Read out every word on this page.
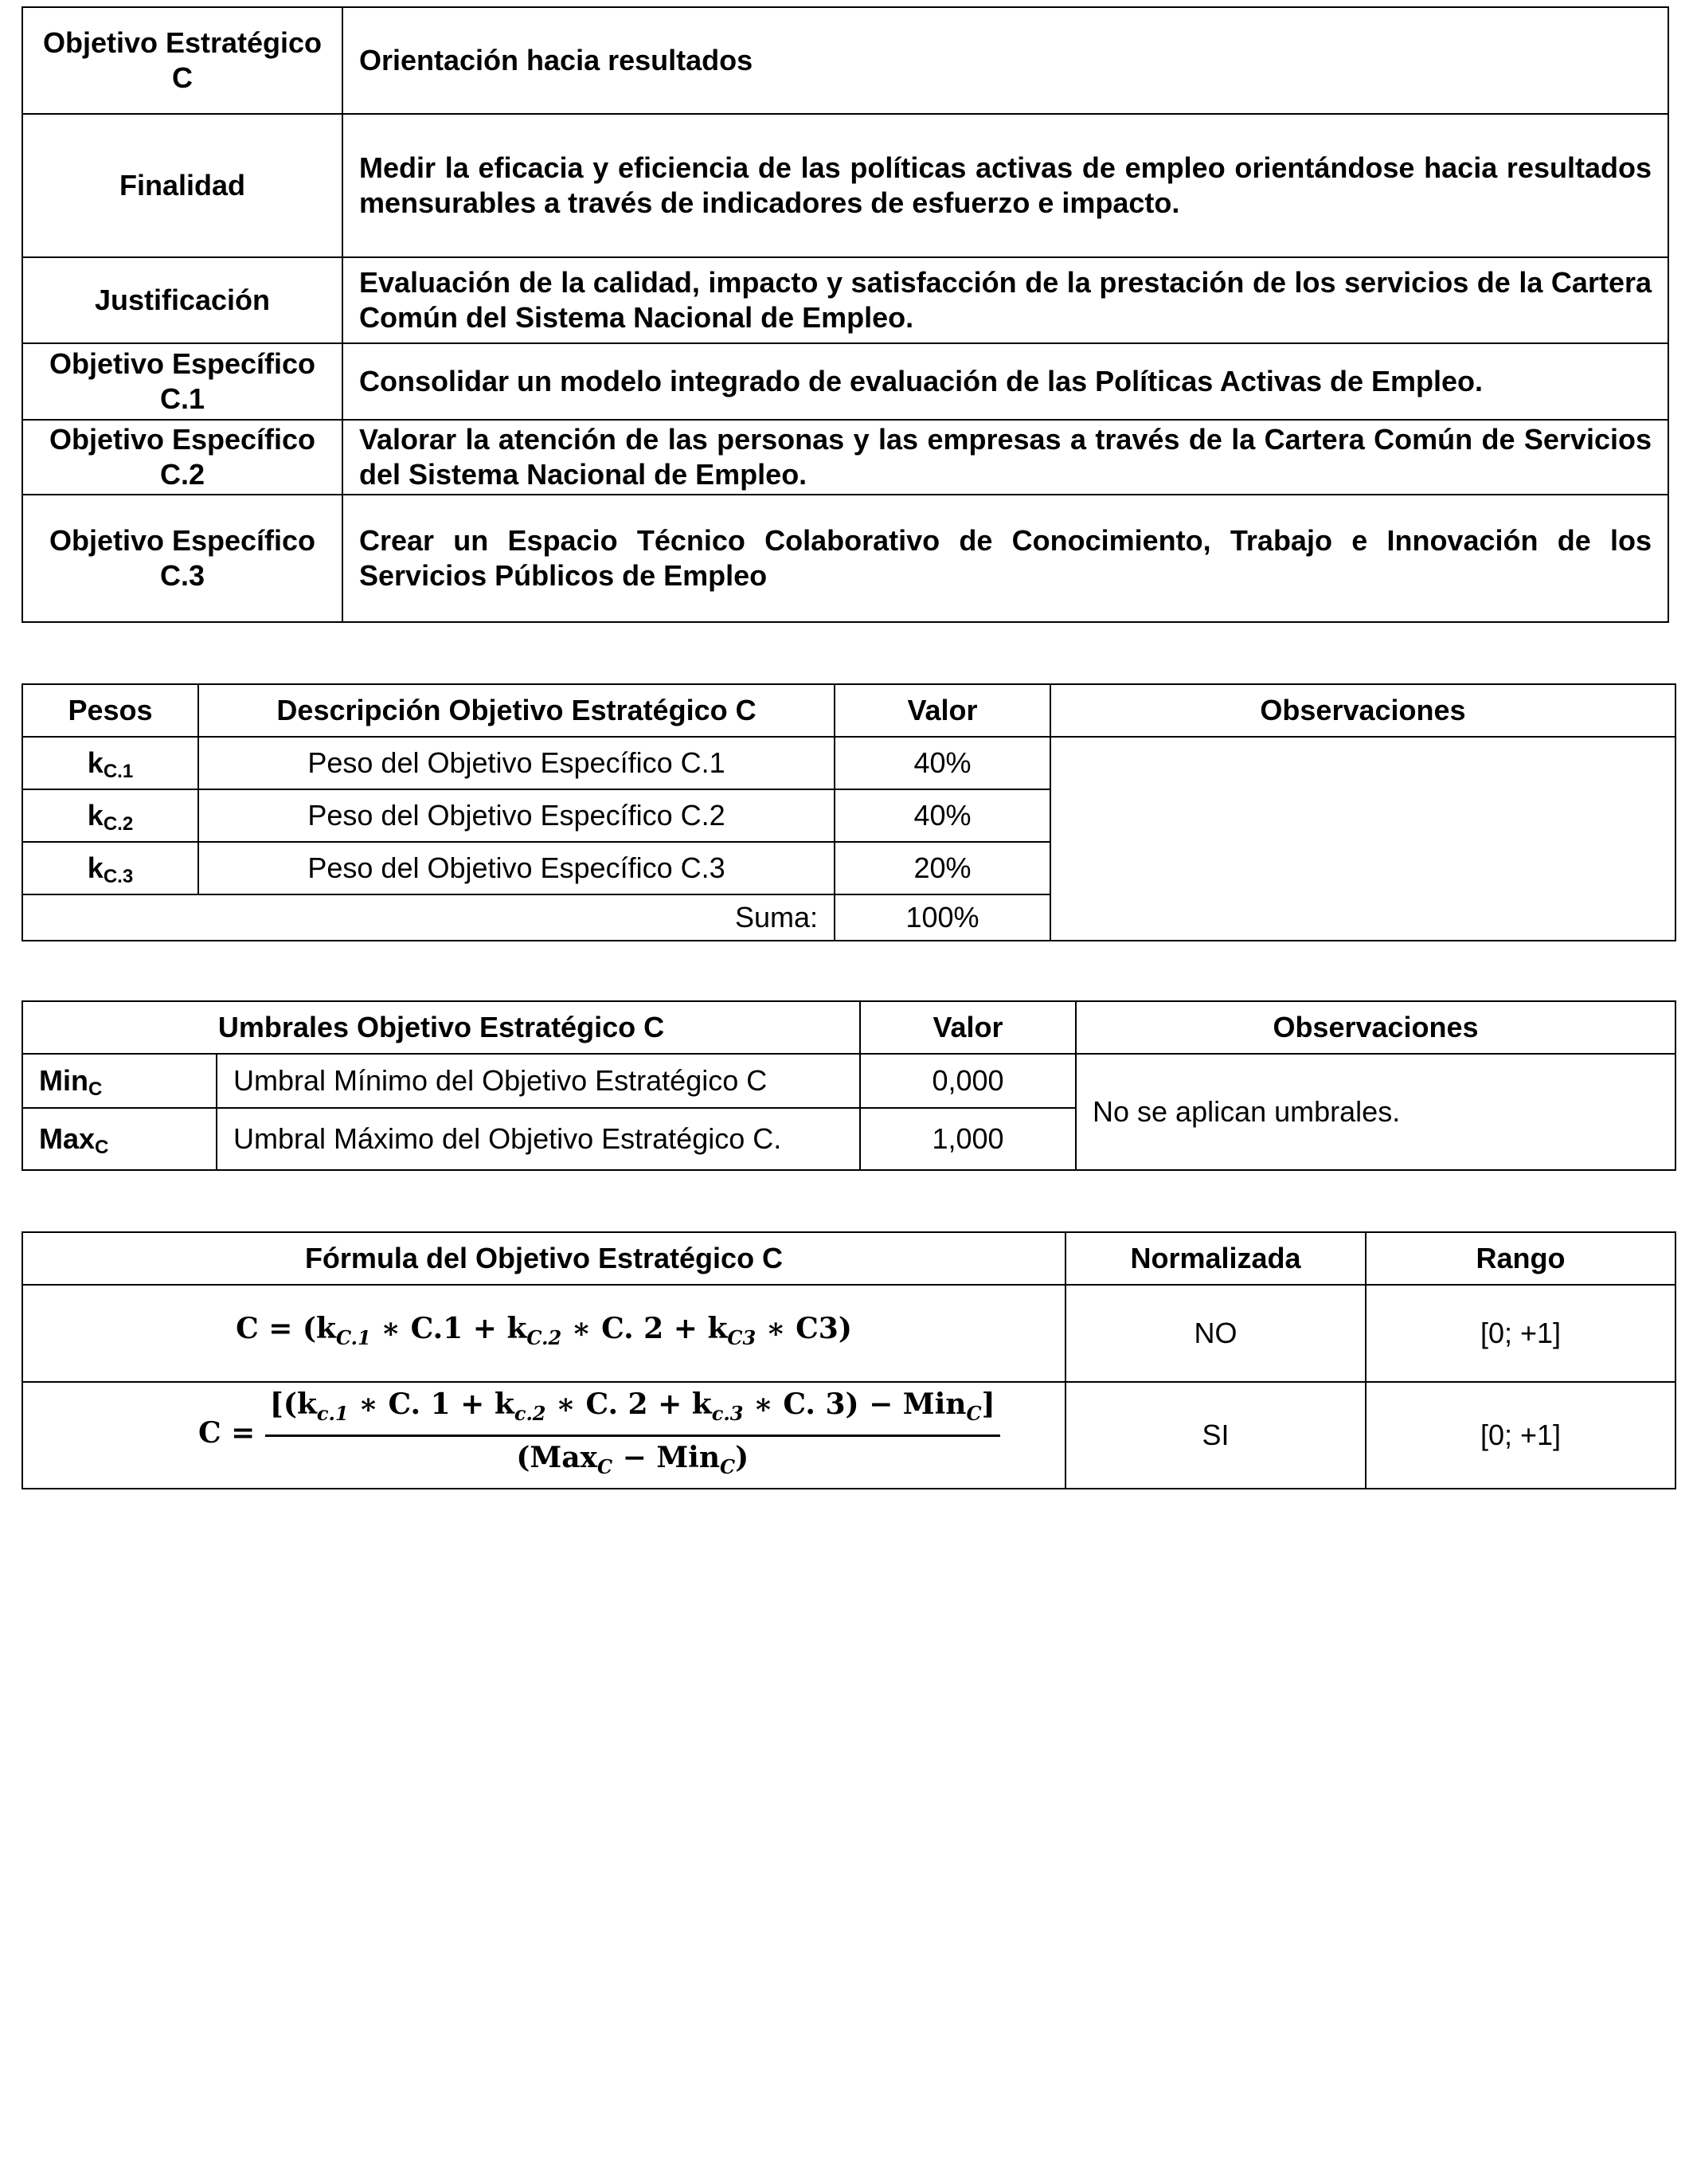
Objetivo Estratégico C	Orientación hacia resultados
Finalidad	Medir la eficacia y eficiencia de las políticas activas de empleo orientándose hacia resultados mensurables a través de indicadores de esfuerzo e impacto.
Justificación	Evaluación de la calidad, impacto y satisfacción de la prestación de los servicios de la Cartera Común del Sistema Nacional de Empleo.
Objetivo Específico C.1	Consolidar un modelo integrado de evaluación de las Políticas Activas de Empleo.
Objetivo Específico C.2	Valorar la atención de las personas y las empresas a través de la Cartera Común de Servicios del Sistema Nacional de Empleo.
Objetivo Específico C.3	Crear un Espacio Técnico Colaborativo de Conocimiento, Trabajo e Innovación de los Servicios Públicos de Empleo
Pesos	Descripción Objetivo Estratégico C	Valor	Observaciones
$k_{C.1}$	Peso del Objetivo Específico C.1	40%	
$k_{C.2}$	Peso del Objetivo Específico C.2	40%	
$k_{C.3}$	Peso del Objetivo Específico C.3	20%	
Suma:		100%	
Umbrales Objetivo Estratégico C		Valor	Observaciones
Min$_C$	Umbral Mínimo del Objetivo Estratégico C	0,000	No se aplican umbrales.
Max$_C$	Umbral Máximo del Objetivo Estratégico C.	1,000	
Fórmula del Objetivo Estratégico C	Normalizada	Rango
$C = (k_{C.1}$ ∗ $C.1 + k_{C.2}$ ∗ C. $2 + k_{C3}$ ∗ C3)	NO	[0; +1]
$C = \frac{[(k_{c.1} ∗ C. 1 + k_{c.2} ∗ C. 2 + k_{c.3} ∗ C. 3) - Min_C]}{(Max_C - Min_C)}$	SI	[0; +1]
